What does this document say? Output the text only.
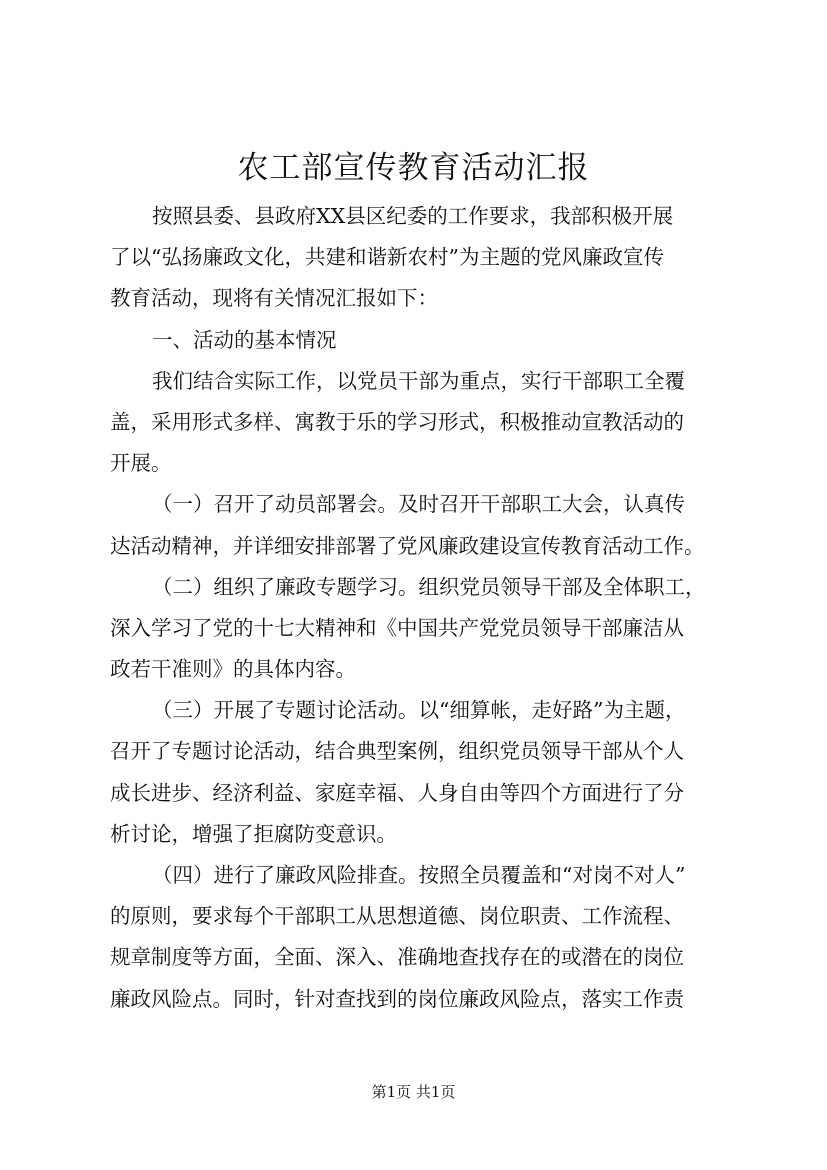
农工部宣传教育活动汇报
按照县委、县政府XX县区纪委的工作要求，我部积极开展
了以“弘扬廉政文化，共建和谐新农村”为主题的党风廉政宣传
教育活动，现将有关情况汇报如下：
一、活动的基本情况
我们结合实际工作，以党员干部为重点，实行干部职工全覆
盖，采用形式多样、寓教于乐的学习形式，积极推动宣教活动的
开展。
（一）召开了动员部署会。及时召开干部职工大会，认真传
达活动精神，并详细安排部署了党风廉政建设宣传教育活动工作。
（二）组织了廉政专题学习。组织党员领导干部及全体职工，
深入学习了党的十七大精神和《中国共产党党员领导干部廉洁从
政若干准则》的具体内容。
（三）开展了专题讨论活动。以“细算帐，走好路”为主题，
召开了专题讨论活动，结合典型案例，组织党员领导干部从个人
成长进步、经济利益、家庭幸福、人身自由等四个方面进行了分
析讨论，增强了拒腐防变意识。
（四）进行了廉政风险排查。按照全员覆盖和“对岗不对人”
的原则，要求每个干部职工从思想道德、岗位职责、工作流程、
规章制度等方面，全面、深入、准确地查找存在的或潜在的岗位
廉政风险点。同时，针对查找到的岗位廉政风险点，落实工作责
第1页 共1页
